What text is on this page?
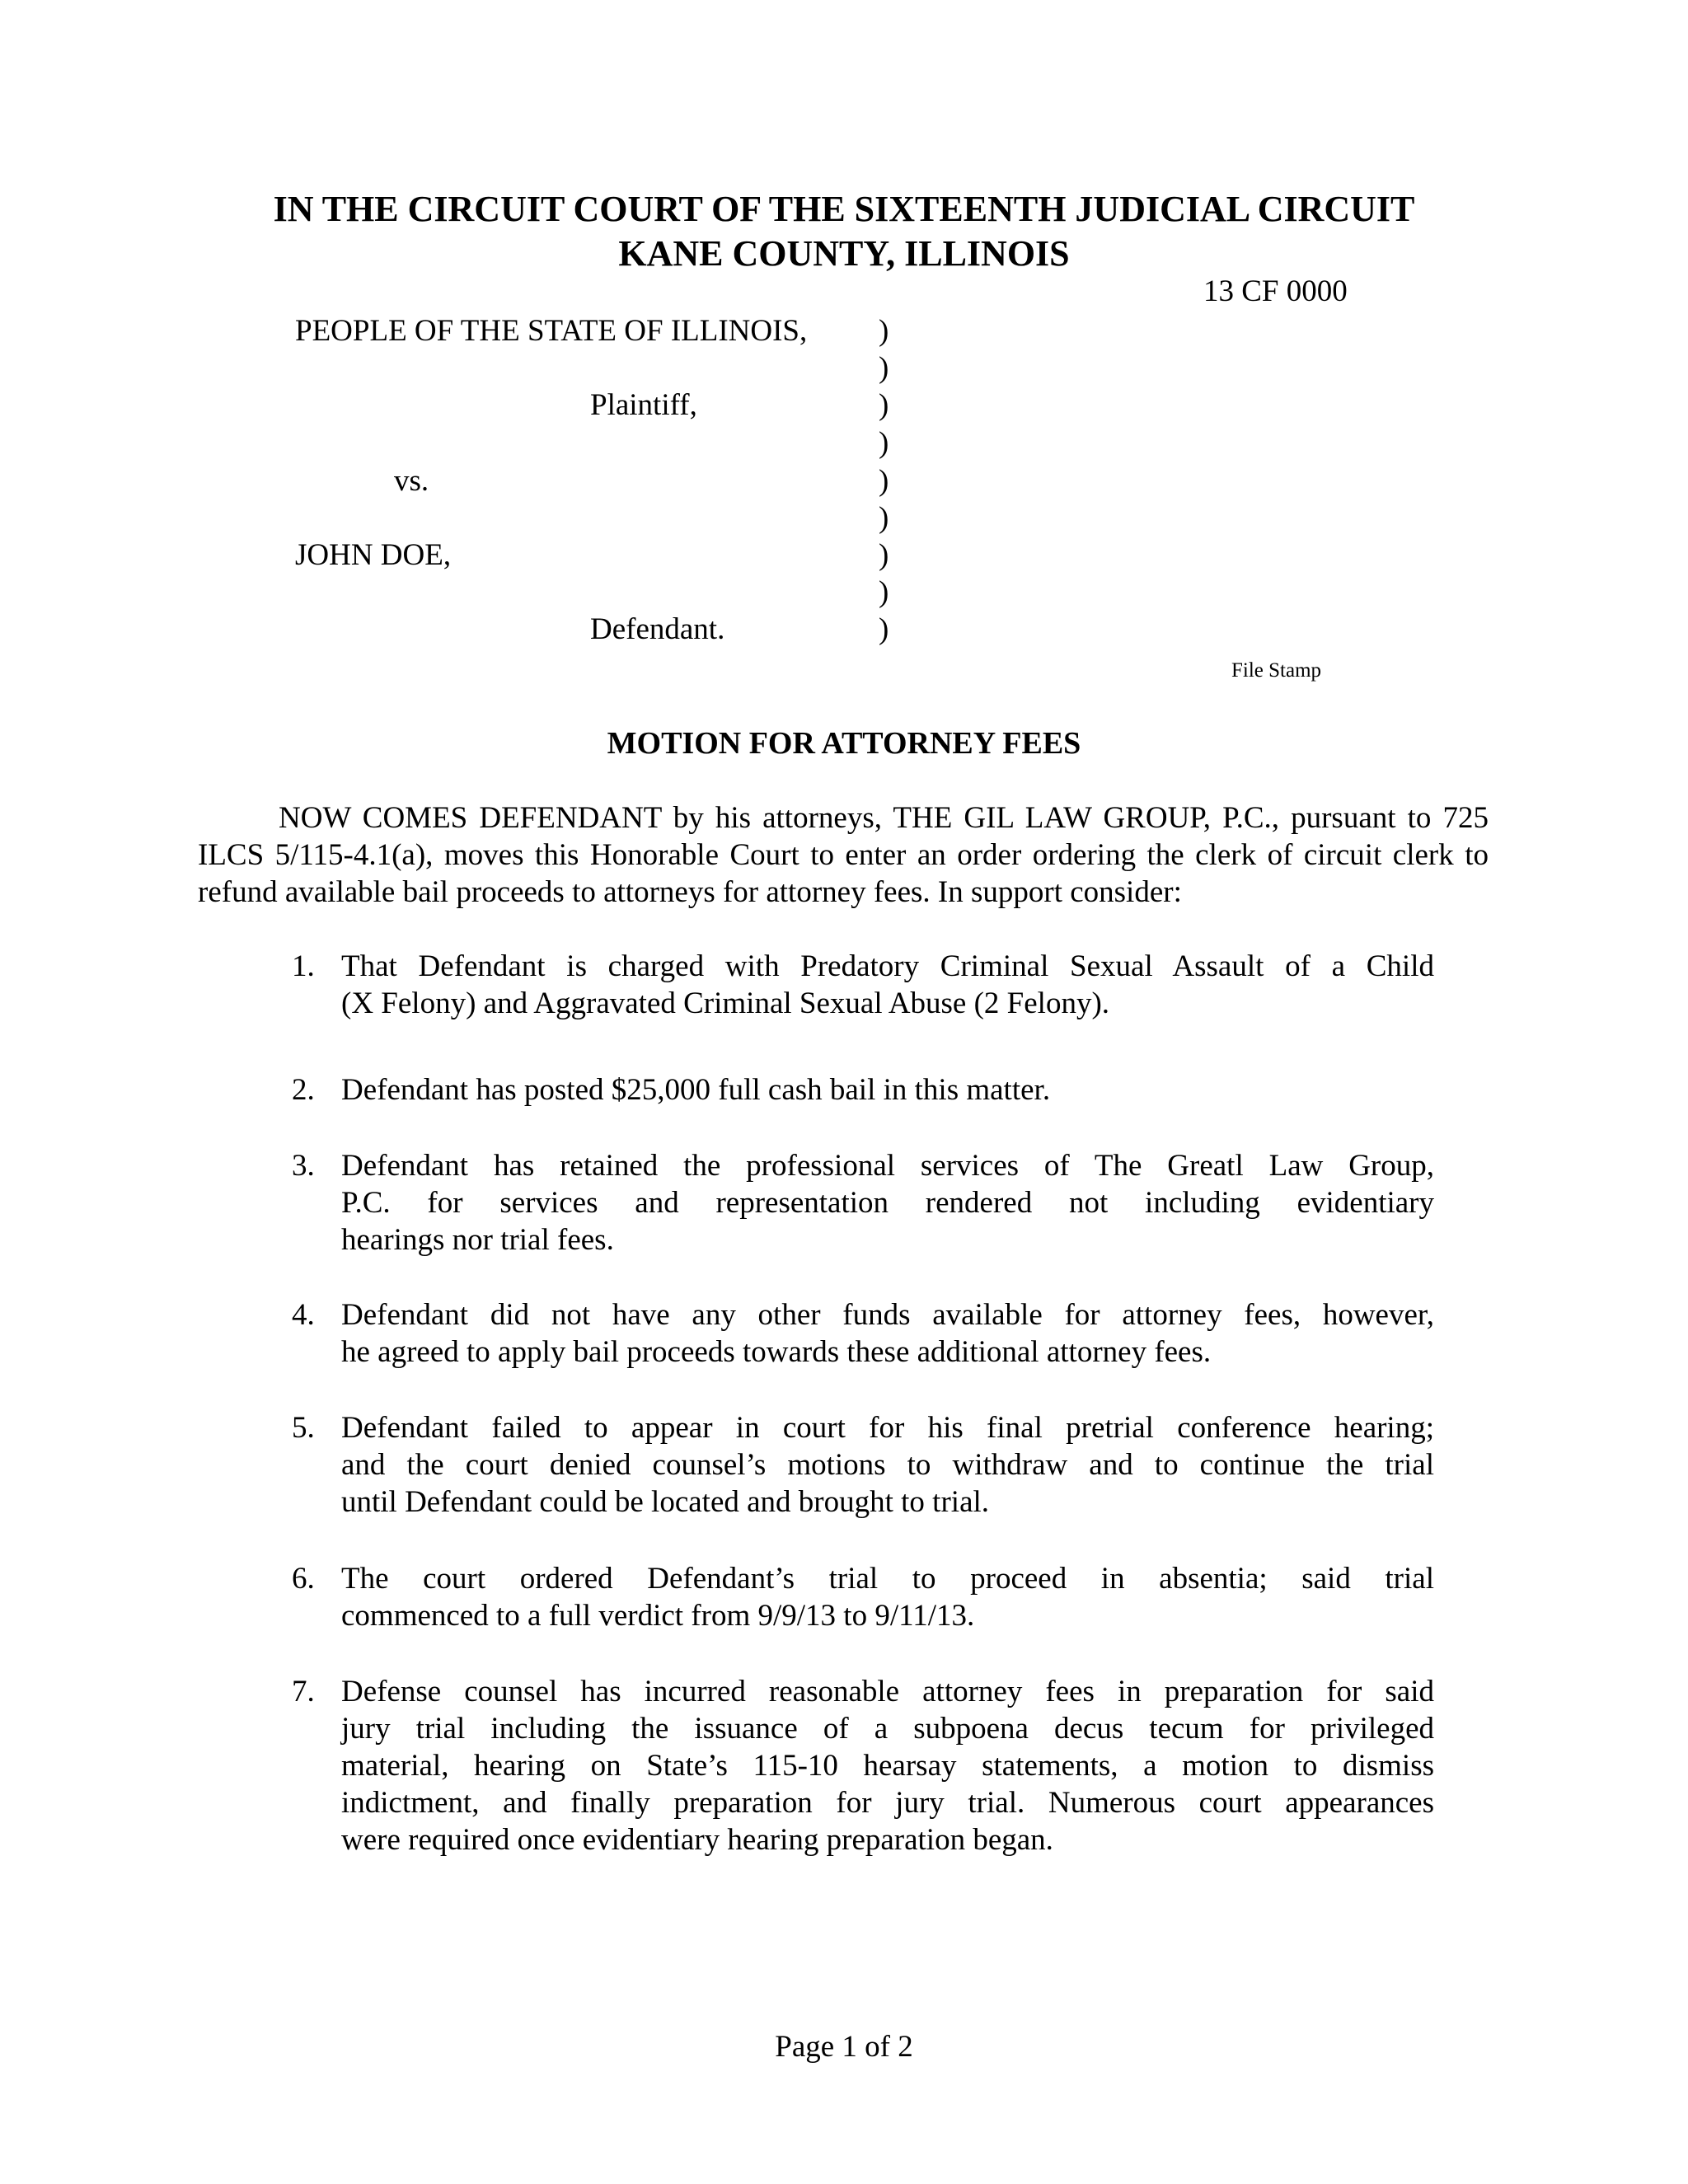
IN THE CIRCUIT COURT OF THE SIXTEENTH JUDICIAL CIRCUIT
KANE COUNTY, ILLINOIS
13 CF 0000
PEOPLE OF THE STATE OF ILLINOIS,
Plaintiff,
vs.
JOHN DOE,
Defendant.
)
)
)
)
)
)
)
)
)
File Stamp
MOTION FOR ATTORNEY FEES

NOW COMES DEFENDANT by his attorneys, THE GIL LAW GROUP, P.C., pursuant to 725 ILCS 5/115-4.1(a), moves this Honorable Court to enter an order ordering the clerk of circuit clerk to refund available bail proceeds to attorneys for attorney fees. In support consider:

1. That Defendant is charged with Predatory Criminal Sexual Assault of a Child
(X Felony) and Aggravated Criminal Sexual Abuse (2 Felony).
2. Defendant has posted $25,000 full cash bail in this matter.
3. Defendant has retained the professional services of The Greatl Law Group,
P.C. for services and representation rendered not including evidentiary
hearings nor trial fees.
4. Defendant did not have any other funds available for attorney fees, however,
he agreed to apply bail proceeds towards these additional attorney fees.
5. Defendant failed to appear in court for his final pretrial conference hearing;
and the court denied counsel’s motions to withdraw and to continue the trial
until Defendant could be located and brought to trial.
6. The court ordered Defendant’s trial to proceed in absentia; said trial
commenced to a full verdict from 9/9/13 to 9/11/13.
7. Defense counsel has incurred reasonable attorney fees in preparation for said
jury trial including the issuance of a subpoena decus tecum for privileged
material, hearing on State’s 115-10 hearsay statements, a motion to dismiss
indictment, and finally preparation for jury trial. Numerous court appearances
were required once evidentiary hearing preparation began.
Page 1 of 2
